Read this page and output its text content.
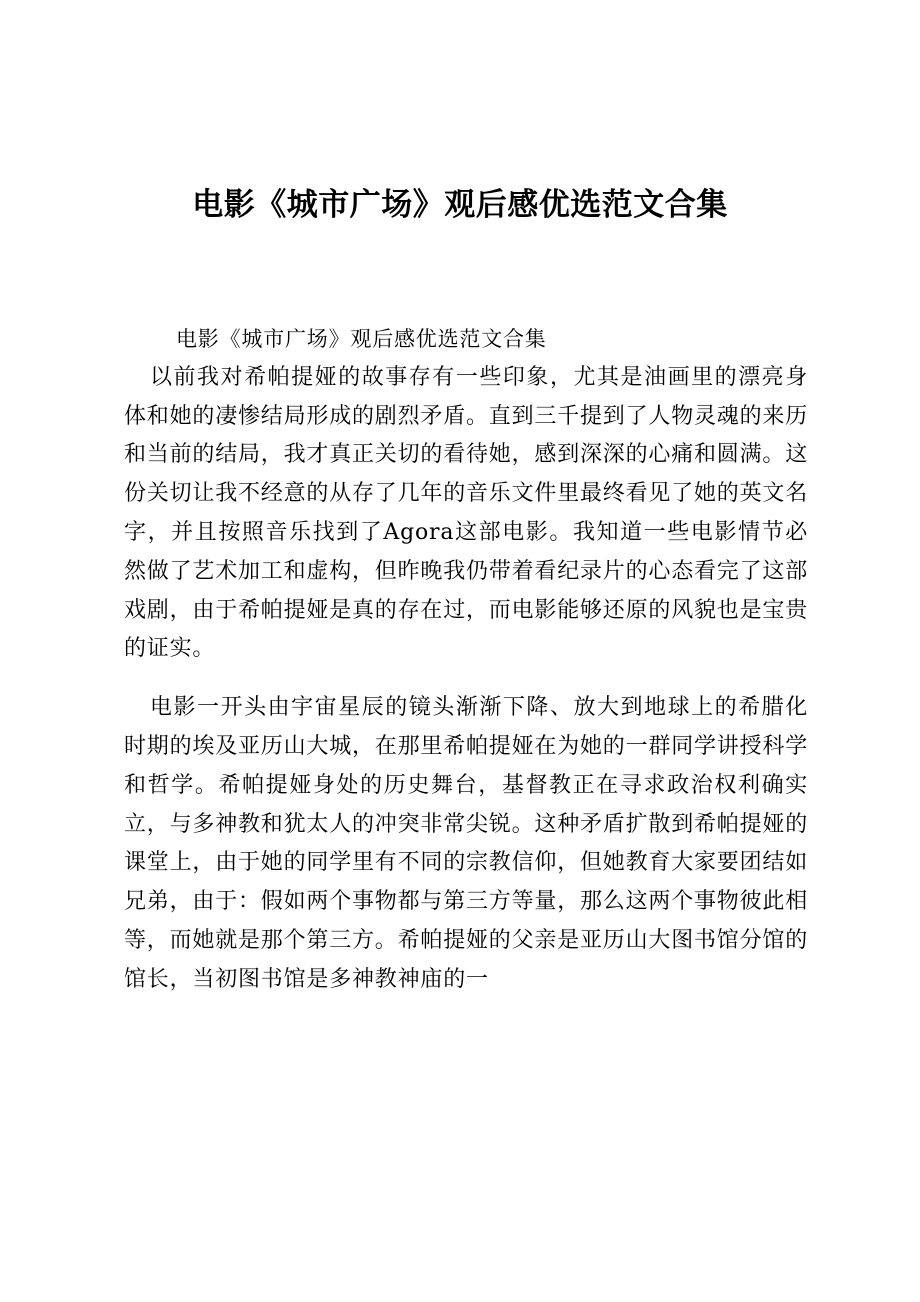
电影《城市广场》观后感优选范文合集

电影《城市广场》观后感优选范文合集

以前我对希帕提娅的故事存有一些印象，尤其是油画里的漂亮身体和她的凄惨结局形成的剧烈矛盾。直到三千提到了人物灵魂的来历和当前的结局，我才真正关切的看待她，感到深深的心痛和圆满。这份关切让我不经意的从存了几年的音乐文件里最终看见了她的英文名字，并且按照音乐找到了Agora这部电影。我知道一些电影情节必然做了艺术加工和虚构，但昨晚我仍带着看纪录片的心态看完了这部戏剧，由于希帕提娅是真的存在过，而电影能够还原的风貌也是宝贵的证实。

电影一开头由宇宙星辰的镜头渐渐下降、放大到地球上的希腊化时期的埃及亚历山大城，在那里希帕提娅在为她的一群同学讲授科学和哲学。希帕提娅身处的历史舞台，基督教正在寻求政治权利确实立，与多神教和犹太人的冲突非常尖锐。这种矛盾扩散到希帕提娅的课堂上，由于她的同学里有不同的宗教信仰，但她教育大家要团结如兄弟，由于：假如两个事物都与第三方等量，那么这两个事物彼此相等，而她就是那个第三方。希帕提娅的父亲是亚历山大图书馆分馆的馆长，当初图书馆是多神教神庙的一
